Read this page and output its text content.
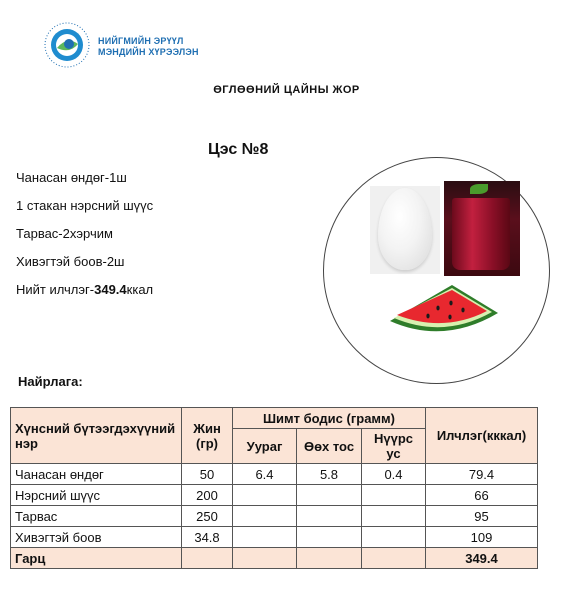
НИЙГМИЙН ЭРҮҮЛ
МЭНДИЙН ХҮРЭЭЛЭН
ӨГЛӨӨНИЙ ЦАЙНЫ ЖОР
Цэс №8
Чанасан өндөг-1ш
1 стакан нэрсний шүүс
Тарвас-2хэрчим
Хивэгтэй боов-2ш
Нийт илчлэг-349.4ккал
Найрлага:
Хүнсний бүтээгдэхүүний нэр	Жин (гр)	Шимт бодис (грамм)			Илчлэг(кккал)
		Уураг	Өөх тос	Нүүрс ус	
Чанасан өндөг	50	6.4	5.8	0.4	79.4
Нэрсний шүүс	200				66
Тарвас	250				95
Хивэгтэй боов	34.8				109
Гарц					349.4
